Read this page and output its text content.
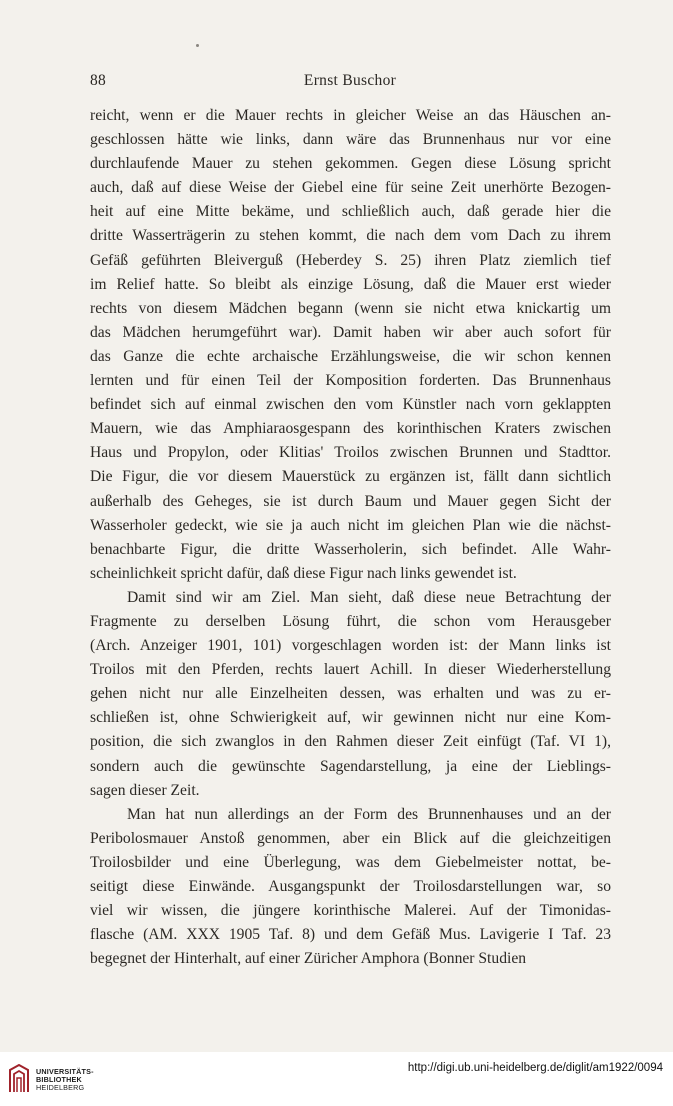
88	Ernst Buschor
reicht, wenn er die Mauer rechts in gleicher Weise an das Häuschen an-
geschlossen hätte wie links, dann wäre das Brunnenhaus nur vor eine
durchlaufende Mauer zu stehen gekommen. Gegen diese Lösung spricht
auch, daß auf diese Weise der Giebel eine für seine Zeit unerhörte Bezogen-
heit auf eine Mitte bekäme, und schließlich auch, daß gerade hier die
dritte Wasserträgerin zu stehen kommt, die nach dem vom Dach zu ihrem
Gefäß geführten Bleiverguß (Heberdey S. 25) ihren Platz ziemlich tief
im Relief hatte. So bleibt als einzige Lösung, daß die Mauer erst wieder
rechts von diesem Mädchen begann (wenn sie nicht etwa knickartig um
das Mädchen herumgeführt war). Damit haben wir aber auch sofort für
das Ganze die echte archaische Erzählungsweise, die wir schon kennen
lernten und für einen Teil der Komposition forderten. Das Brunnenhaus
befindet sich auf einmal zwischen den vom Künstler nach vorn geklappten
Mauern, wie das Amphiaraosgespann des korinthischen Kraters zwischen
Haus und Propylon, oder Klitias' Troilos zwischen Brunnen und Stadttor.
Die Figur, die vor diesem Mauerstück zu ergänzen ist, fällt dann sichtlich
außerhalb des Geheges, sie ist durch Baum und Mauer gegen Sicht der
Wasserholer gedeckt, wie sie ja auch nicht im gleichen Plan wie die nächst-
benachbarte Figur, die dritte Wasserholerin, sich befindet. Alle Wahr-
scheinlichkeit spricht dafür, daß diese Figur nach links gewendet ist.
Damit sind wir am Ziel. Man sieht, daß diese neue Betrachtung der
Fragmente zu derselben Lösung führt, die schon vom Herausgeber
(Arch. Anzeiger 1901, 101) vorgeschlagen worden ist: der Mann links ist
Troilos mit den Pferden, rechts lauert Achill. In dieser Wiederherstellung
gehen nicht nur alle Einzelheiten dessen, was erhalten und was zu er-
schließen ist, ohne Schwierigkeit auf, wir gewinnen nicht nur eine Kom-
position, die sich zwanglos in den Rahmen dieser Zeit einfügt (Taf. VI 1),
sondern auch die gewünschte Sagendarstellung, ja eine der Lieblings-
sagen dieser Zeit.
Man hat nun allerdings an der Form des Brunnenhauses und an der
Peribolosmauer Anstoß genommen, aber ein Blick auf die gleichzeitigen
Troilosbilder und eine Überlegung, was dem Giebelmeister nottat, be-
seitigt diese Einwände. Ausgangspunkt der Troilosdarstellungen war, so
viel wir wissen, die jüngere korinthische Malerei. Auf der Timonidas-
flasche (AM. XXX 1905 Taf. 8) und dem Gefäß Mus. Lavigerie I Taf. 23
begegnet der Hinterhalt, auf einer Züricher Amphora (Bonner Studien
UNIVERSITÄTS-
BIBLIOTHEK
HEIDELBERG
http://digi.ub.uni-heidelberg.de/diglit/am1922/0094
